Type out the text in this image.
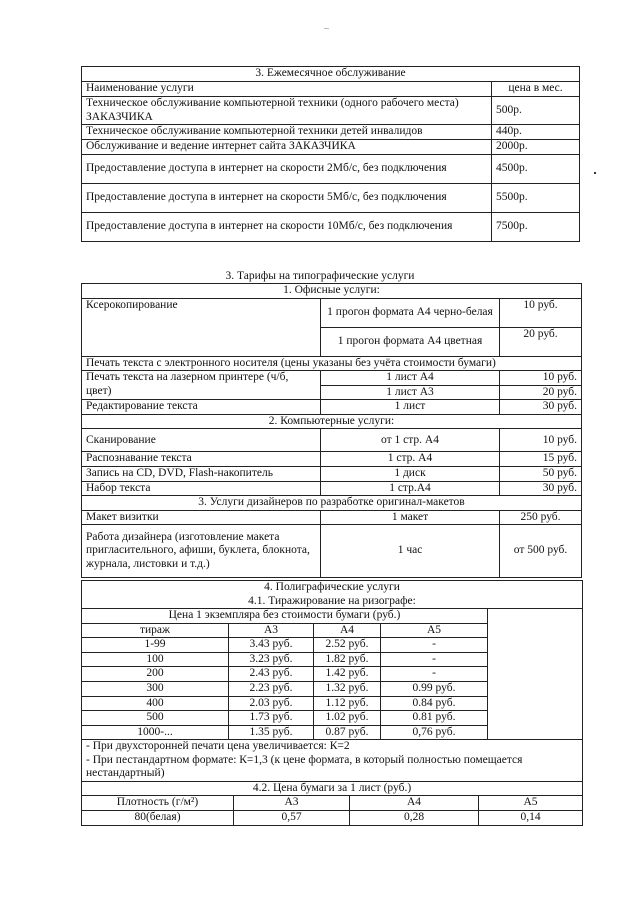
3. Ежемесячное обслуживание	
Наименование услуги	цена в мес.
Техническое обслуживание компьютерной техники (одного рабочего места) ЗАКАЗЧИКА	500р.
Техническое обслуживание компьютерной техники детей инвалидов	440р.
Обслуживание и ведение интернет сайта ЗАКАЗЧИКА	2000р.
Предоставление доступа в интернет на скорости 2Мб/с, без подключения	4500р.
Предоставление доступа в интернет на скорости 5Мб/с, без подключения	5500р.
Предоставление доступа в интернет на скорости 10Мб/с, без подключения	7500р.
3. Тарифы на типографические услуги
1. Офисные услуги:		
Ксерокопирование	1 прогон формата А4 черно-белая	10 руб.
	1 прогон формата А4 цветная	20 руб.
Печать текста с электронного носителя (цены указаны без учёта стоимости бумаги)		
Печать текста на лазерном принтере (ч/б, цвет)	1 лист А4	10 руб.
	1 лист А3	20 руб.
Редактирование текста	1 лист	30 руб.
2. Компьютерные услуги:		
Сканирование	от 1 стр. А4	10 руб.
Распознавание текста	1 стр. А4	15 руб.
Запись на CD, DVD, Flash-накопитель	1 диск	50 руб.
Набор текста	1 стр.А4	30 руб.
3. Услуги дизайнеров по разработке оригинал-макетов		
Макет визитки	1 макет	250 руб.
Работа дизайнера (изготовление макета пригласительного, афиши, буклета, блокнота, журнала, листовки и т.д.)	1 час	от 500 руб.
4. Полиграфические услуги
4.1. Тиражирование на ризографе:

Цена 1 экземпляра без стоимости бумаги (руб.)
тираж	А3	А4	А5
1-99	3.43 руб.	2.52 руб.	-
100	3.23 руб.	1.82 руб.	-
200	2.43 руб.	1.42 руб.	-
300	2.23 руб.	1.32 руб.	0.99 руб.
400	2.03 руб.	1.12 руб.	0.84 руб.
500	1.73 руб.	1.02 руб.	0.81 руб.
1000-...	1.35 руб.	0.87 руб.	0,76 руб.

- При двухсторонней печати цена увеличивается: К=2
- При пестандартном формате: К=1,3 (к цене формата, в который полностью помещается нестандартный)

4.2. Цена бумаги за 1 лист (руб.)

Плотность (г/м²)	А3	А4	А5
80(белая)	0,57	0,28	0,14
